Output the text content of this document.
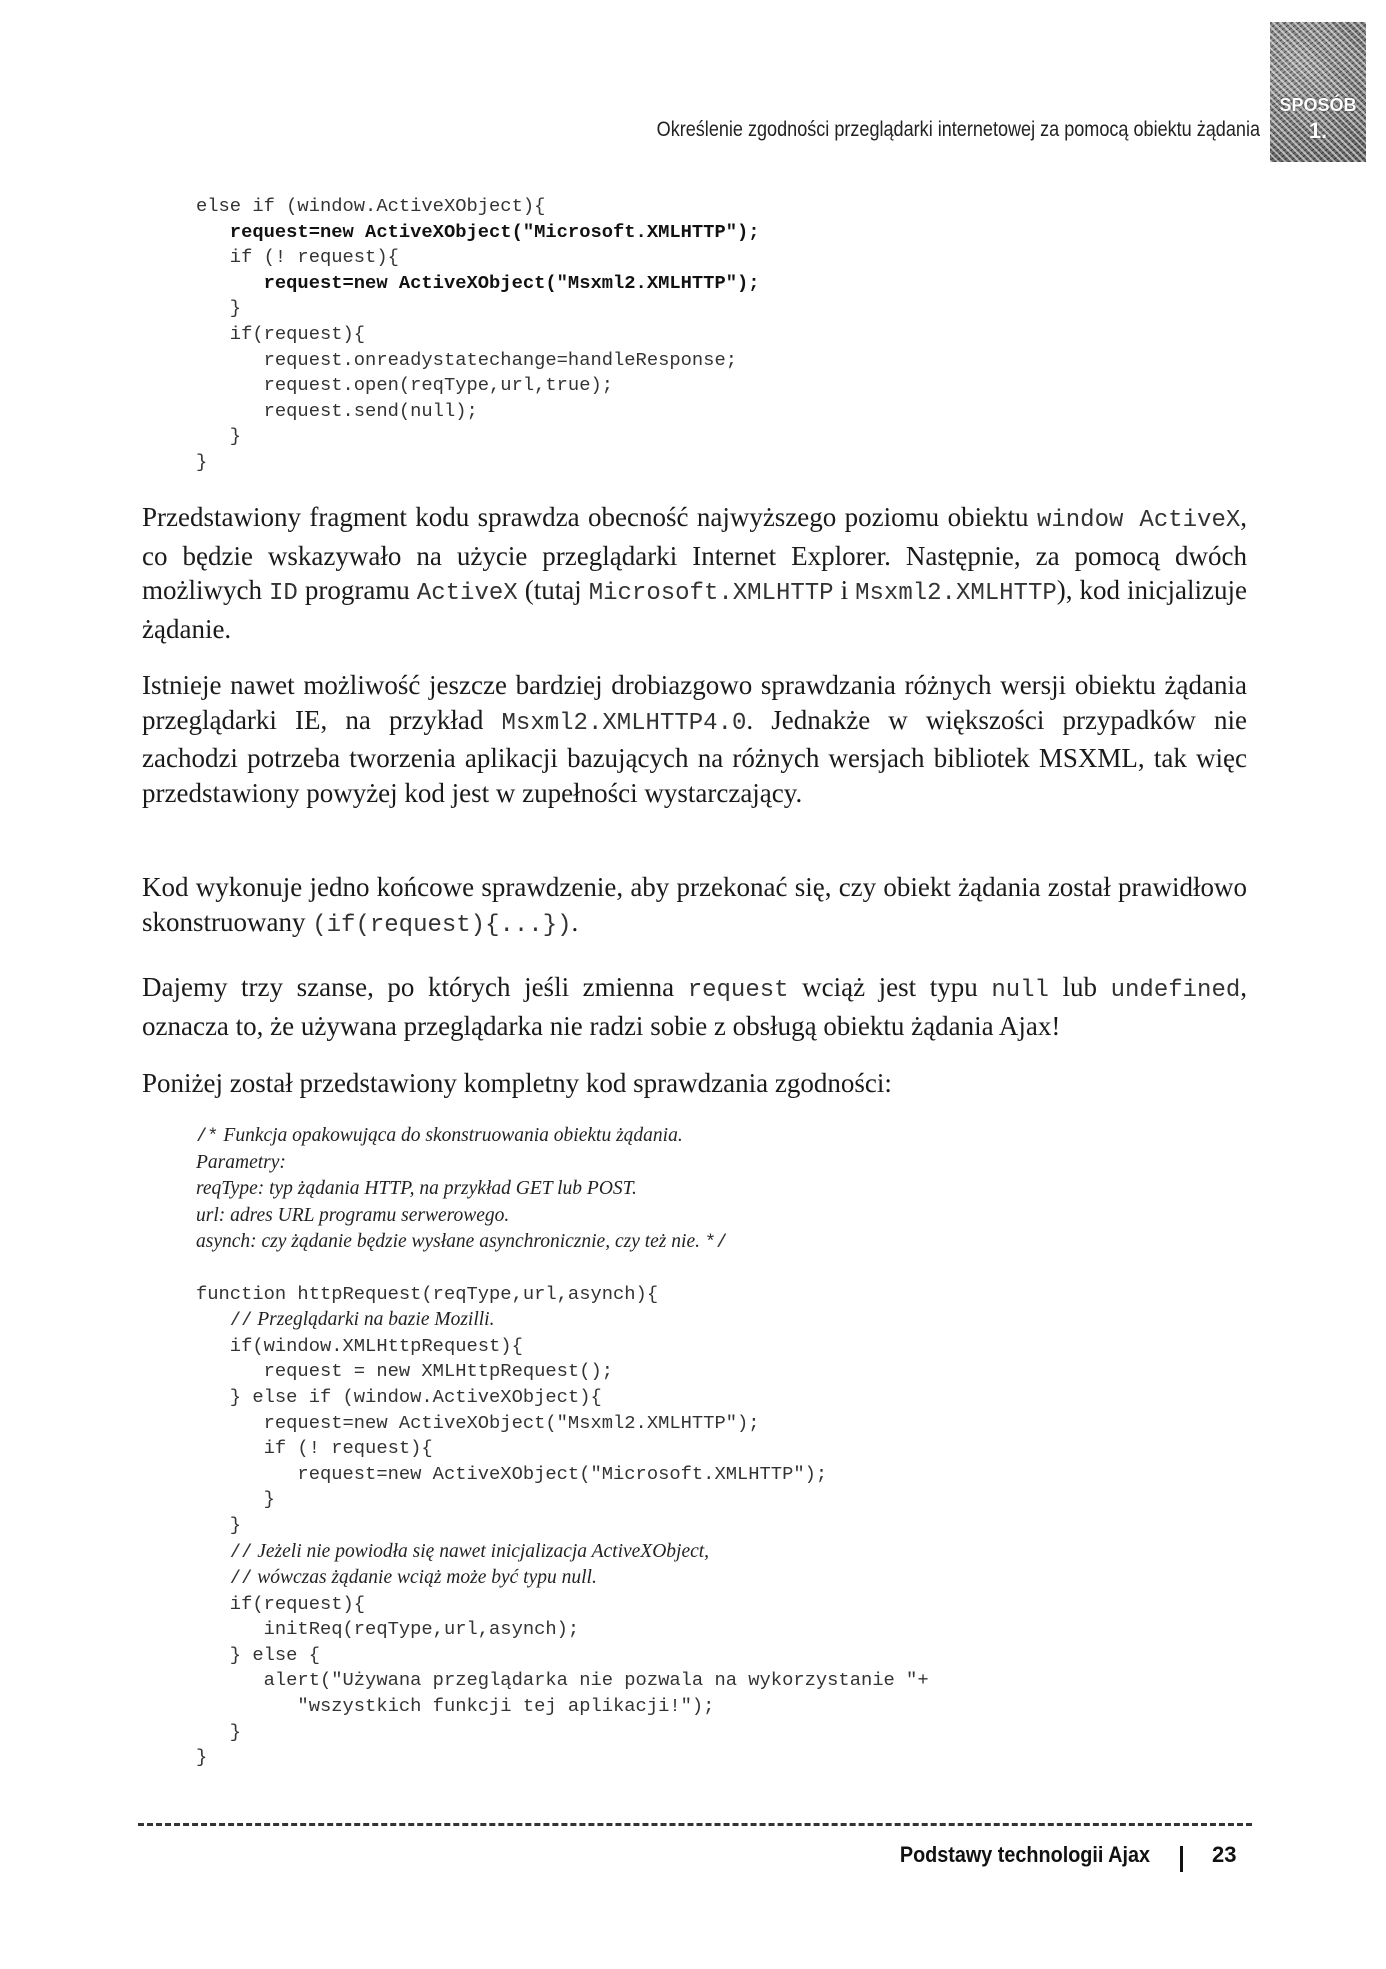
Określenie zgodności przeglądarki internetowej za pomocą obiektu żądania
SPOSÓB
1.
else if (window.ActiveXObject){
request=new ActiveXObject("Microsoft.XMLHTTP");
if (! request){
request=new ActiveXObject("Msxml2.XMLHTTP");
}
if(request){
request.onreadystatechange=handleResponse;
request.open(reqType,url,true);
request.send(null);
}
}

Przedstawiony fragment kodu sprawdza obecność najwyższego poziomu obiektu window ActiveX, co będzie wskazywało na użycie przeglądarki Internet Explorer. Następnie, za pomocą dwóch możliwych ID programu ActiveX (tutaj Microsoft.XMLHTTP i Msxml2.XMLHTTP), kod inicjalizuje żądanie.

Istnieje nawet możliwość jeszcze bardziej drobiazgowo sprawdzania różnych wersji obiektu żądania przeglądarki IE, na przykład Msxml2.XMLHTTP4.0. Jednakże w większości przypadków nie zachodzi potrzeba tworzenia aplikacji bazujących na różnych wersjach bibliotek MSXML, tak więc przedstawiony powyżej kod jest w zupełności wystarczający.

Kod wykonuje jedno końcowe sprawdzenie, aby przekonać się, czy obiekt żądania został prawidłowo skonstruowany (if(request){...}).

Dajemy trzy szanse, po których jeśli zmienna request wciąż jest typu null lub undefined, oznacza to, że używana przeglądarka nie radzi sobie z obsługą obiektu żądania Ajax!

Poniżej został przedstawiony kompletny kod sprawdzania zgodności:

/* Funkcja opakowująca do skonstruowania obiektu żądania.
Parametry:
reqType: typ żądania HTTP, na przykład GET lub POST.
url: adres URL programu serwerowego.
asynch: czy żądanie będzie wysłane asynchronicznie, czy też nie. */

function httpRequest(reqType,url,asynch){
// Przeglądarki na bazie Mozilli.
if(window.XMLHttpRequest){
request = new XMLHttpRequest();
} else if (window.ActiveXObject){
request=new ActiveXObject("Msxml2.XMLHTTP");
if (! request){
request=new ActiveXObject("Microsoft.XMLHTTP");
}
}
// Jeżeli nie powiodła się nawet inicjalizacja ActiveXObject,
// wówczas żądanie wciąż może być typu null.
if(request){
initReq(reqType,url,asynch);
} else {
alert("Używana przeglądarka nie pozwala na wykorzystanie "+
"wszystkich funkcji tej aplikacji!");
}
}
Podstawy technologii Ajax	23
